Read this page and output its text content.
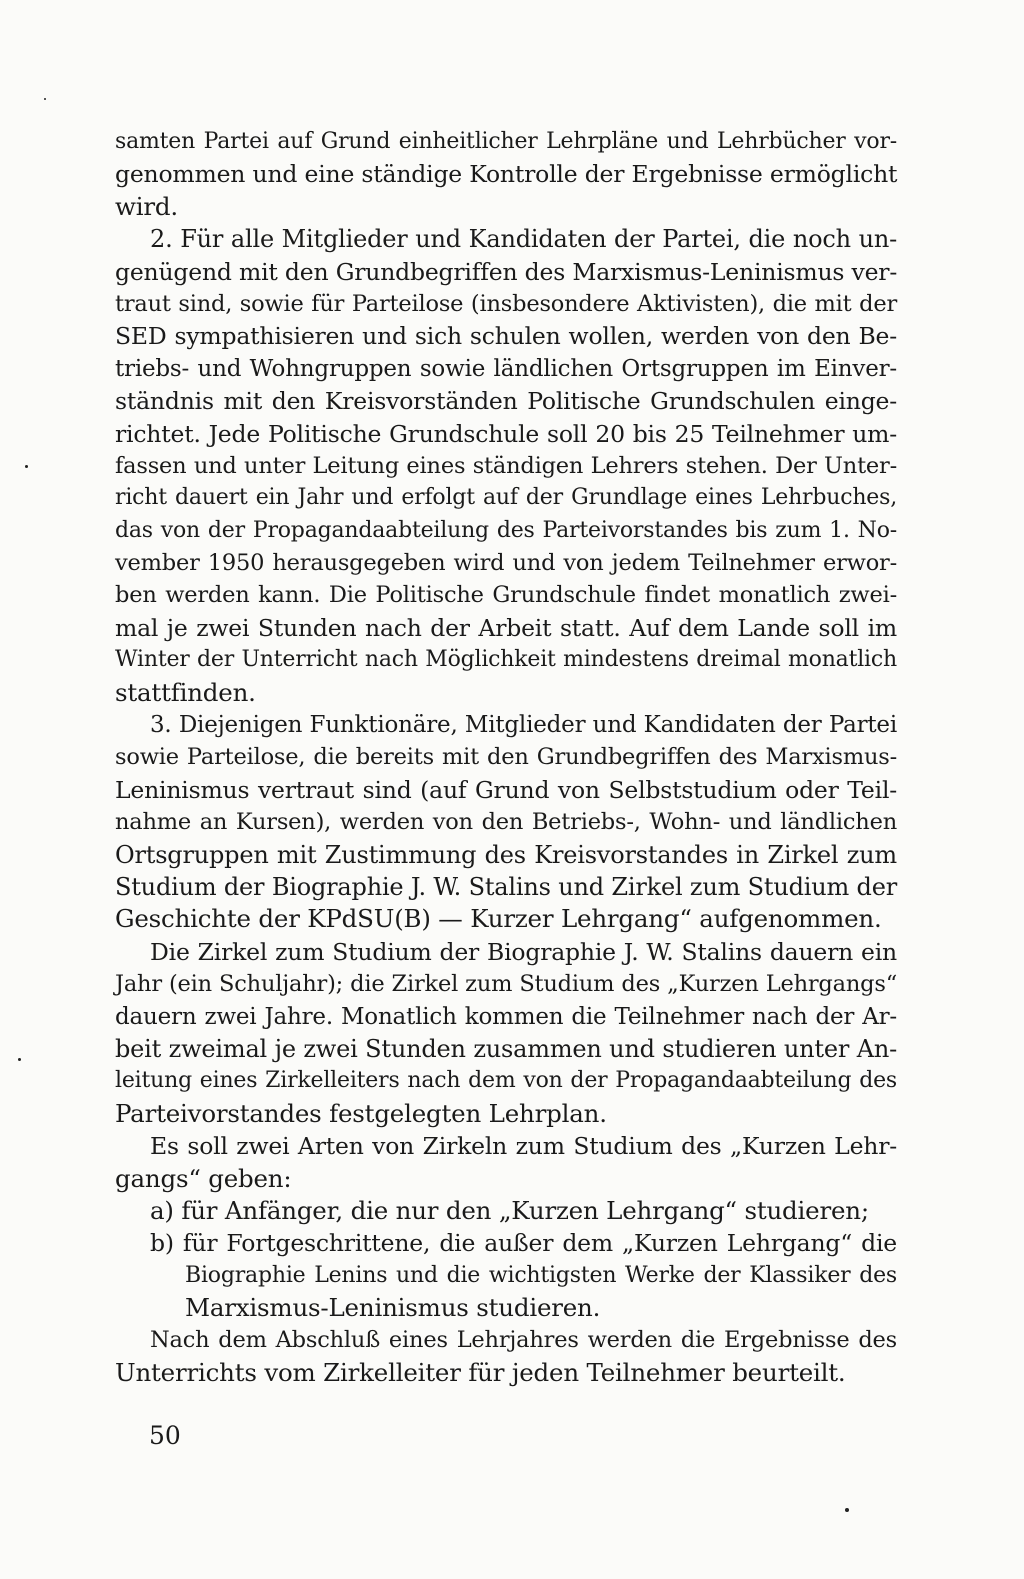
samten Partei auf Grund einheitlicher Lehrpläne und Lehrbücher vor-
genommen und eine ständige Kontrolle der Ergebnisse ermöglicht
wird.
2. Für alle Mitglieder und Kandidaten der Partei, die noch un-
genügend mit den Grundbegriffen des Marxismus-Leninismus ver-
traut sind, sowie für Parteilose (insbesondere Aktivisten), die mit der
SED sympathisieren und sich schulen wollen, werden von den Be-
triebs- und Wohngruppen sowie ländlichen Ortsgruppen im Einver-
ständnis mit den Kreisvorständen Politische Grundschulen einge-
richtet. Jede Politische Grundschule soll 20 bis 25 Teilnehmer um-
fassen und unter Leitung eines ständigen Lehrers stehen. Der Unter-
richt dauert ein Jahr und erfolgt auf der Grundlage eines Lehrbuches,
das von der Propagandaabteilung des Parteivorstandes bis zum 1. No-
vember 1950 herausgegeben wird und von jedem Teilnehmer erwor-
ben werden kann. Die Politische Grundschule findet monatlich zwei-
mal je zwei Stunden nach der Arbeit statt. Auf dem Lande soll im
Winter der Unterricht nach Möglichkeit mindestens dreimal monatlich
stattfinden.
3. Diejenigen Funktionäre, Mitglieder und Kandidaten der Partei
sowie Parteilose, die bereits mit den Grundbegriffen des Marxismus-
Leninismus vertraut sind (auf Grund von Selbststudium oder Teil-
nahme an Kursen), werden von den Betriebs-, Wohn- und ländlichen
Ortsgruppen mit Zustimmung des Kreisvorstandes in Zirkel zum
Studium der Biographie J. W. Stalins und Zirkel zum Studium der
Geschichte der KPdSU(B) — Kurzer Lehrgang“ aufgenommen.
Die Zirkel zum Studium der Biographie J. W. Stalins dauern ein
Jahr (ein Schuljahr); die Zirkel zum Studium des „Kurzen Lehrgangs“
dauern zwei Jahre. Monatlich kommen die Teilnehmer nach der Ar-
beit zweimal je zwei Stunden zusammen und studieren unter An-
leitung eines Zirkelleiters nach dem von der Propagandaabteilung des
Parteivorstandes festgelegten Lehrplan.
Es soll zwei Arten von Zirkeln zum Studium des „Kurzen Lehr-
gangs“ geben:
a) für Anfänger, die nur den „Kurzen Lehrgang“ studieren;
b) für Fortgeschrittene, die außer dem „Kurzen Lehrgang“ die
Biographie Lenins und die wichtigsten Werke der Klassiker des
Marxismus-Leninismus studieren.
Nach dem Abschluß eines Lehrjahres werden die Ergebnisse des
Unterrichts vom Zirkelleiter für jeden Teilnehmer beurteilt.
50
